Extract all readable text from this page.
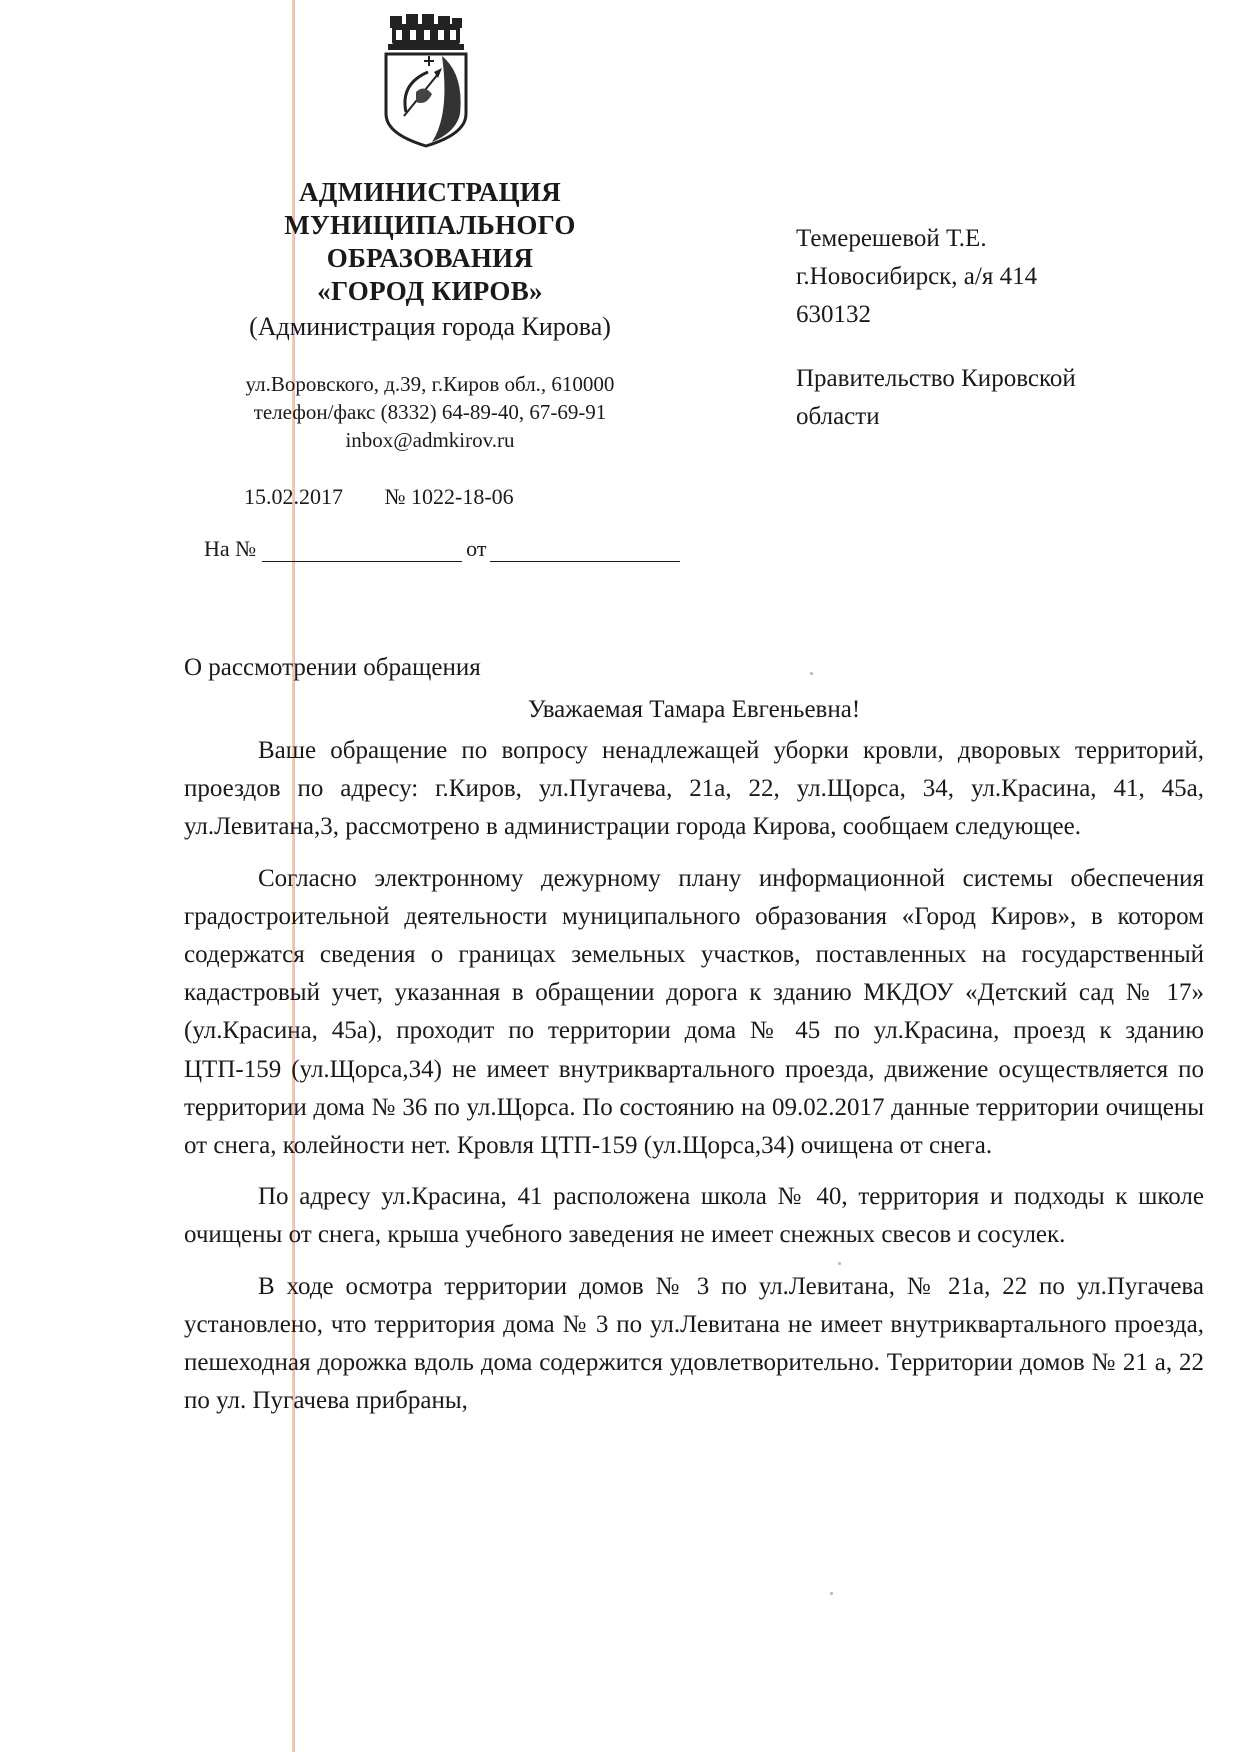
АДМИНИСТРАЦИЯ
МУНИЦИПАЛЬНОГО
ОБРАЗОВАНИЯ
«ГОРОД КИРОВ»
(Администрация города Кирова)
ул.Воровского, д.39, г.Киров обл., 610000
телефон/факс (8332) 64-89-40, 67-69-91
inbox@admkirov.ru
15.02.2017 № 1022-18-06
На №	от
Темерешевой Т.Е.
г.Новосибирск, а/я 414
630132
Правительство Кировской
области
О рассмотрении обращения
Уважаемая Тамара Евгеньевна!

Ваше обращение по вопросу ненадлежащей уборки кровли, дворовых территорий, проездов по адресу: г.Киров, ул.Пугачева, 21а, 22, ул.Щорса, 34, ул.Красина, 41, 45а, ул.Левитана,3, рассмотрено в администрации города Кирова, сообщаем следующее.

Согласно электронному дежурному плану информационной системы обеспечения градостроительной деятельности муниципального образования «Город Киров», в котором содержатся сведения о границах земельных участков, поставленных на государственный кадастровый учет, указанная в обращении дорога к зданию МКДОУ «Детский сад № 17» (ул.Красина, 45а), проходит по территории дома № 45 по ул.Красина, проезд к зданию ЦТП-159 (ул.Щорса,34) не имеет внутриквартального проезда, движение осуществляется по территории дома № 36 по ул.Щорса. По состоянию на 09.02.2017 данные территории очищены от снега, колейности нет. Кровля ЦТП-159 (ул.Щорса,34) очищена от снега.

По адресу ул.Красина, 41 расположена школа № 40, территория и подходы к школе очищены от снега, крыша учебного заведения не имеет снежных свесов и сосулек.

В ходе осмотра территории домов № 3 по ул.Левитана, № 21а, 22 по ул.Пугачева установлено, что территория дома № 3 по ул.Левитана не имеет внутриквартального проезда, пешеходная дорожка вдоль дома содержится удовлетворительно. Территории домов № 21 а, 22 по ул. Пугачева прибраны,
